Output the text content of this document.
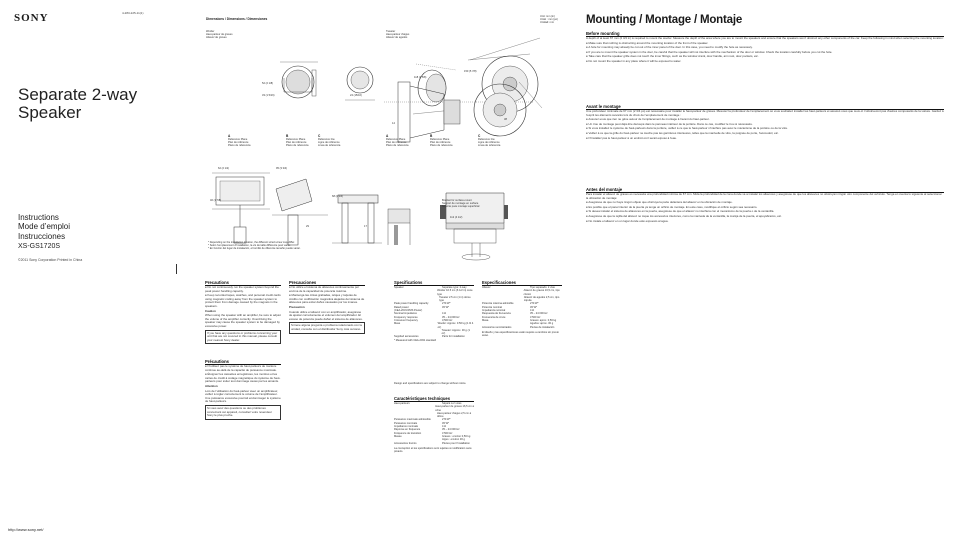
SONY
Separate 2-way
Speaker
Instructions
Mode d’emploi
Instrucciones
XS-GS1720S
©2011 Sony Corporation Printed in China
http://www.sony.net/
4-283-225-11(1)
Dimensions / Dimensions / Dimensiones
Unit: mm (in)
Unité : mm (po)
Unidad: mm
Woofer
Haut-parleur de graves
Altavoz de graves
Tweeter
Haut-parleur d’aigus
Altavoz de agudos
A
Reference Plane
Plan de référence
Plano de referencia
B
Reference Plane
Plan de référence
Plano de referencia
C
Reference line
Ligne de référence
Línea de referencia
A
Reference Plane
Plan de référence
Plano de referencia
B
Reference Plane
Plan de référence
Plano de referencia
C
Reference line
Ligne de référence
Línea de referencia
150 (5 7/8)
118 (4 5/8)
38
14
52 (2 1/8)
33 (1 5/16)	24 (15/16)
62 (2 1/2)	95 (3 3/4)
68 (2 3/4)
46 (1 7/8)
29	17
Bracket for surface-mount
Support de montage en surface
Soporte para montaje superficial
112 (4 1/2)
* Depending on the installation location, the different sized screw may differ.
* Selon l’emplacement d’installation, la vis de taille différente peut varier.
* En función del lugar de instalación, el tornillo de diferente tamaño puede variar.
Mounting / Montage / Montaje
Before mounting
A depth of at least 67 mm (2 3/4 in) is required to mount the woofer. Measure the depth of the area where you are to mount the speakers and ensure that the speakers won’t obstruct any other components of the car. Keep the following in mind when selecting the mounting location:
● Make sure that nothing is obstructing around the mounting location of the front of the speaker.
● A hole for mounting may already be cut out of the inner panel of the door. In this case, you need to modify the hole as necessary.
● If you are to mount the speaker system in the door, be careful that the speaker will not interfere with the mechanism of the door or window. Check the location carefully before you cut the hole.
● Take care that the speaker grille does not touch the inner fittings, such as the window crank, door handle, arm rest, door pockets, etc.
● Do not mount the speaker in any place where it will be exposed to water.
Avant le montage
Une profondeur minimale de 67 mm (2 3/4 po) est nécessaire pour installer le haut-parleur de graves. Mesurez la profondeur de l’emplacement où vous souhaitez installer les haut-parleurs et assurez-vous que ceux-ci n’obstrueront pas d’autres composants de la voiture. Gardez à l’esprit les éléments suivants lors du choix de l’emplacement de montage :
● Assurez-vous que rien ne gêne autour de l’emplacement de montage à l’avant du haut-parleur.
● Un trou de montage peut déjà être découpé dans le panneau intérieur de la portière. Dans ce cas, modifiez le trou si nécessaire.
● Si vous installez le système de haut-parleurs dans la portière, veillez à ce que le haut-parleur n’interfère pas avec le mécanisme de la portière ou de la vitre.
● Veillez à ce que la grille du haut-parleur ne touche pas les garnitures intérieures, telles que la manivelle de vitre, la poignée de porte, l’accoudoir, etc.
● N’installez pas le haut-parleur à un endroit où il serait exposé à l’eau.
Antes del montaje
Para instalar el altavoz de graves es necesaria una profundidad mínima de 67 mm. Mida la profundidad de la zona donde va a instalar los altavoces y asegúrese de que los altavoces no obstruyan ningún otro componente del vehículo. Tenga en cuenta lo siguiente al seleccionar la ubicación de montaje:
● Asegúrese de que no haya ningún objeto que obstruya la parte delantera del altavoz en la ubicación de montaje.
● Es posible que el panel interior de la puerta ya tenga un orificio de montaje. En este caso, modifique el orificio según sea necesario.
● Si desea instalar el sistema de altavoces en la puerta, asegúrese de que el altavoz no interfiera con el mecanismo de la puerta o de la ventanilla.
● Asegúrese de que la rejilla del altavoz no toque los accesorios interiores, como la manivela de la ventanilla, la manija de la puerta, el apoyabrazos, etc.
● No instale el altavoz en un lugar donde esté expuesto al agua.
Precautions
● Do not continuously run the speaker system beyond the peak power handling capacity.
● Keep recorded tapes, watches, and personal credit cards using magnetic coding away from the speaker system to protect them from damage caused by the magnets in the speakers.
Caution
When using the speaker with an amplifier, be sure to adjust the volume of the amplifier correctly. Overdriving the speaker may cause the speaker system to be damaged by excessive power.
If you have any questions or problems concerning your unit that are not covered in this manual, please consult your nearest Sony dealer.
Précautions
● N’utilisez pas le système de haut-parleurs de manière continue au-delà de la capacité de puissance maximale.
● Éloignez les cassettes enregistrées, les montres et les cartes de crédit à codage magnétique du système de haut-parleurs pour éviter tout dommage causé par les aimants.
Attention
Lors de l’utilisation du haut-parleur avec un amplificateur, veillez à régler correctement le volume de l’amplificateur. Une puissance excessive pourrait endommager le système de haut-parleurs.
Si vous avez des questions ou des problèmes concernant cet appareil, consultez votre revendeur Sony le plus proche.
Precauciones
● No utilice el sistema de altavoces continuamente por encima de la capacidad de potencia máxima.
● Mantenga las cintas grabadas, relojes y tarjetas de crédito con codificación magnética alejados del sistema de altavoces para evitar daños causados por los imanes.
Precaución
Cuando utilice el altavoz con un amplificador, asegúrese de ajustar correctamente el volumen del amplificador. El exceso de potencia puede dañar el sistema de altavoces.
Si tiene alguna pregunta o problema relacionado con la unidad, consulte con el distribuidor Sony más cercano.
Specifications
Speaker	Separate type: 2-way
Woofer 16.5 cm (6 1/2 in) cone type
Tweeter 2.5 cm (1 in) dome type
Peak power handling capacity	270 W*
Rated power	45 W*
(CEA-2031 RMS Power)
Nominal impedance	4 Ω
Frequency response	35 – 24,000 Hz
Crossover frequency	3,500 Hz
Mass	Woofer: Approx. 0.56 kg (1 lb 4 oz)
Tweeter: Approx. 30 g (1 oz)
Supplied accessories	Parts for installation
* Measured with CEA-2031 standard
Caractéristiques techniques
Haut-parleurs	Séparé à 2 voies
Haut-parleur de graves 16,5 cm à cône
Haut-parleur d’aigus 2,5 cm à dôme
Puissance maximale admissible	270 W*
Puissance nominale	45 W*
Impédance nominale	4 Ω
Réponse en fréquence	35 – 24 000 Hz
Fréquence de transition	3 500 Hz
Masse	Graves : environ 0,56 kg
Aigus : environ 30 g
Accessoires fournis	Pièces pour l’installation
La conception et les spécifications sont sujettes à modification sans préavis.
Especificaciones
Altavoz	Tipo separado: 2 vías
Altavoz de graves 16,5 cm, tipo cónico
Altavoz de agudos 2,5 cm, tipo cúpula
Potencia máxima admisible	270 W*
Potencia nominal	45 W*
Impedancia nominal	4 Ω
Respuesta de frecuencia	35 – 24 000 Hz
Frecuencia de cruce	3 500 Hz
Masa	Graves: aprox. 0,56 kg
Agudos: aprox. 30 g
Accesorios suministrados	Piezas de instalación
El diseño y las especificaciones están sujetos a cambios sin previo aviso.
Design and specifications are subject to change without notice.
